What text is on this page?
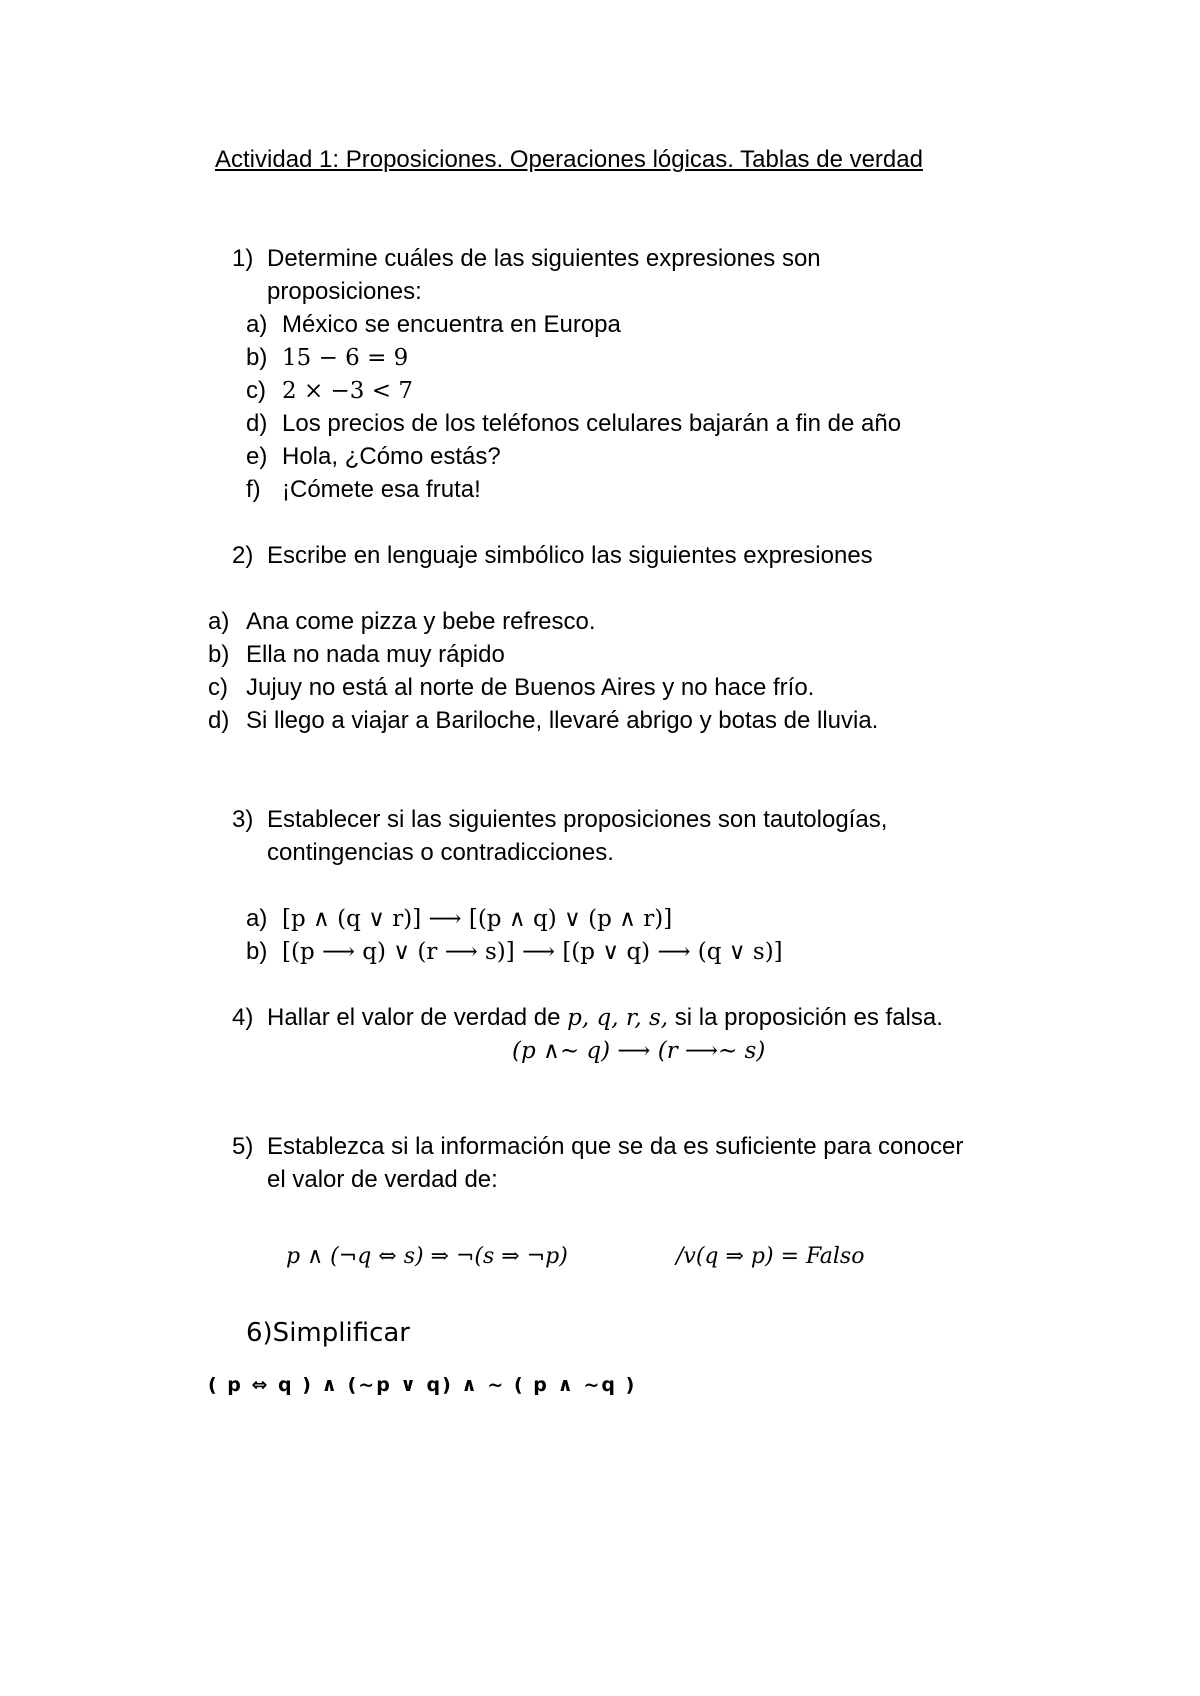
Actividad 1: Proposiciones. Operaciones lógicas. Tablas de verdad
1) Determine cuáles de las siguientes expresiones son
proposiciones:
a) México se encuentra en Europa
b) 15 − 6 = 9
c) 2 × −3 < 7
d) Los precios de los teléfonos celulares bajarán a fin de año
e) Hola, ¿Cómo estás?
f) ¡Cómete esa fruta!
2) Escribe en lenguaje simbólico las siguientes expresiones
a) Ana come pizza y bebe refresco.
b) Ella no nada muy rápido
c) Jujuy no está al norte de Buenos Aires y no hace frío.
d) Si llego a viajar a Bariloche, llevaré abrigo y botas de lluvia.
3) Establecer si las siguientes proposiciones son tautologías,
contingencias o contradicciones.
a) [p ∧ (q ∨ r)] ⟶ [(p ∧ q) ∨ (p ∧ r)]
b) [(p ⟶ q) ∨ (r ⟶ s)] ⟶ [(p ∨ q) ⟶ (q ∨ s)]
4) Hallar el valor de verdad de p, q, r, s, si la proposición es falsa.
(p ∧∼ q) ⟶ (r ⟶∼ s)
5) Establezca si la información que se da es suficiente para conocer
el valor de verdad de:
p ∧ (¬q ⇔ s) ⇒ ¬(s ⇒ ¬p)	/v(q ⇒ p) = Falso
6)Simplificar
( p ⇔ q ) ∧ (~p ∨ q) ∧ ~ ( p ∧ ~q )
